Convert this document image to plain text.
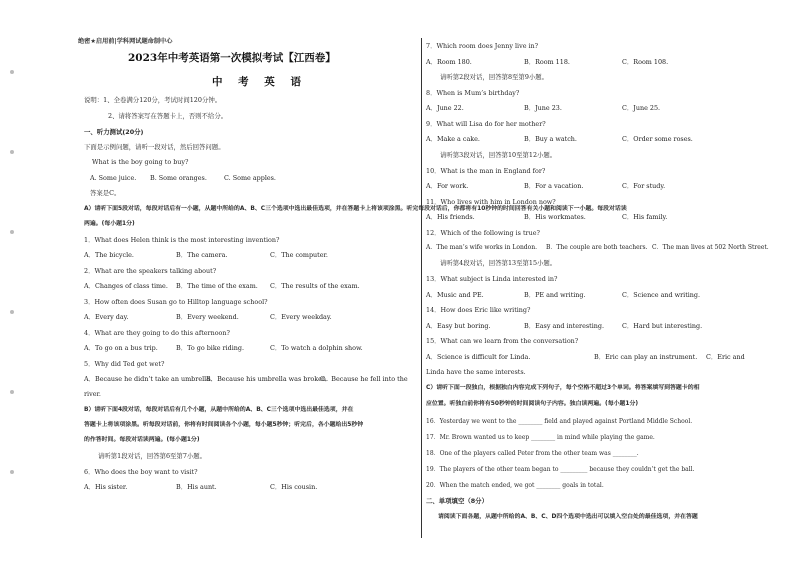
绝密★启用前|学科网试题命制中心
2023年中考英语第一次模拟考试【江西卷】
中 考 英 语
说明：1、全卷满分120分，考试时间120分钟。
2、请将答案写在答题卡上，否则不给分。
一、听力测试(20分)
下面是示例问题，请听一段对话，然后回答问题。
What is the boy going to buy?
A. Some juice. B. Some oranges.	C. Some apples.
答案是C。
A）请听下面5段对话，每段对话后有一小题，从题中所给的A、B、C三个选项中选出最佳选项，并在答题卡上将该项涂黑。听完每段对话后，你都将有10秒钟的时间回答有关小题和阅读下一小题。每段对话读
两遍。(每小题1分)
1．What does Helen think is the most interesting invention?
A．The bicycle.	B．The camera.	C．The computer.
2．What are the speakers talking about?
A．Changes of class time. B．The time of the exam. C．The results of the exam.
3．How often does Susan go to Hilltop language school?
A．Every day.	B．Every weekend.	C．Every weekday.
4．What are they going to do this afternoon?
A．To go on a bus trip.	B．To go bike riding.	C．To watch a dolphin show.
5．Why did Ted get wet?
A．Because he didn’t take an umbrella.
B．Because his umbrella was broken.
C．Because he fell into the
river.
B）请听下面4段对话，每段对话后有几个小题，从题中所给的A、B、C三个选项中选出最佳选项，并在
答题卡上将该项涂黑。听每段对话前，你将有时间阅读各个小题，每小题5秒钟；听完后，各小题给出5秒钟
的作答时间。每段对话读两遍。(每小题1分)
请听第1段对话，回答第6至第7小题。
6．Who does the boy want to visit?
A．His sister.	B．His aunt.	C．His cousin.
7．Which room does Jenny live in?
A．Room 180.	B．Room 118.	C．Room 108.
请听第2段对话，回答第8至第9小题。
8．When is Mum’s birthday?
A．June 22.	B．June 23.	C．June 25.
9．What will Lisa do for her mother?
A．Make a cake.	B．Buy a watch.	C．Order some roses.
请听第3段对话，回答第10至第12小题。
10．What is the man in England for?
A．For work.	B．For a vacation.	C．For study.
11．Who lives with him in London now?
A．His friends.	B．His workmates.	C．His family.
12．Which of the following is true?
A．The man’s wife works in London. B．The couple are both teachers. C．The man lives at 502 North Street.
请听第4段对话，回答第13至第15小题。
13．What subject is Linda interested in?
A．Music and PE.	B．PE and writing.	C．Science and writing.
14．How does Eric like writing?
A．Easy but boring.	B．Easy and interesting.	C．Hard but interesting.
15．What can we learn from the conversation?
A．Science is difficult for Linda.	B．Eric can play an instrument. C．Eric and
Linda have the same interests.
C）请听下面一段独白，根据独白内容完成下列句子，每个空格不超过3个单词。将答案填写到答题卡的相
应位置。听独白前你将有50秒钟的时间阅读句子内容。独白读两遍。(每小题1分)
16．Yesterday we went to the ________ field and played against Portland Middle School.
17．Mr. Brown wanted us to keep ________ in mind while playing the game.
18．One of the players called Peter from the other team was ________.
19．The players of the other team began to _________ because they couldn’t get the ball.
20．When the match ended, we got ________ goals in total.
二、单项填空（8分）
请阅读下面各题，从题中所给的A、B、C、D四个选项中选出可以填入空白处的最佳选项，并在答题
